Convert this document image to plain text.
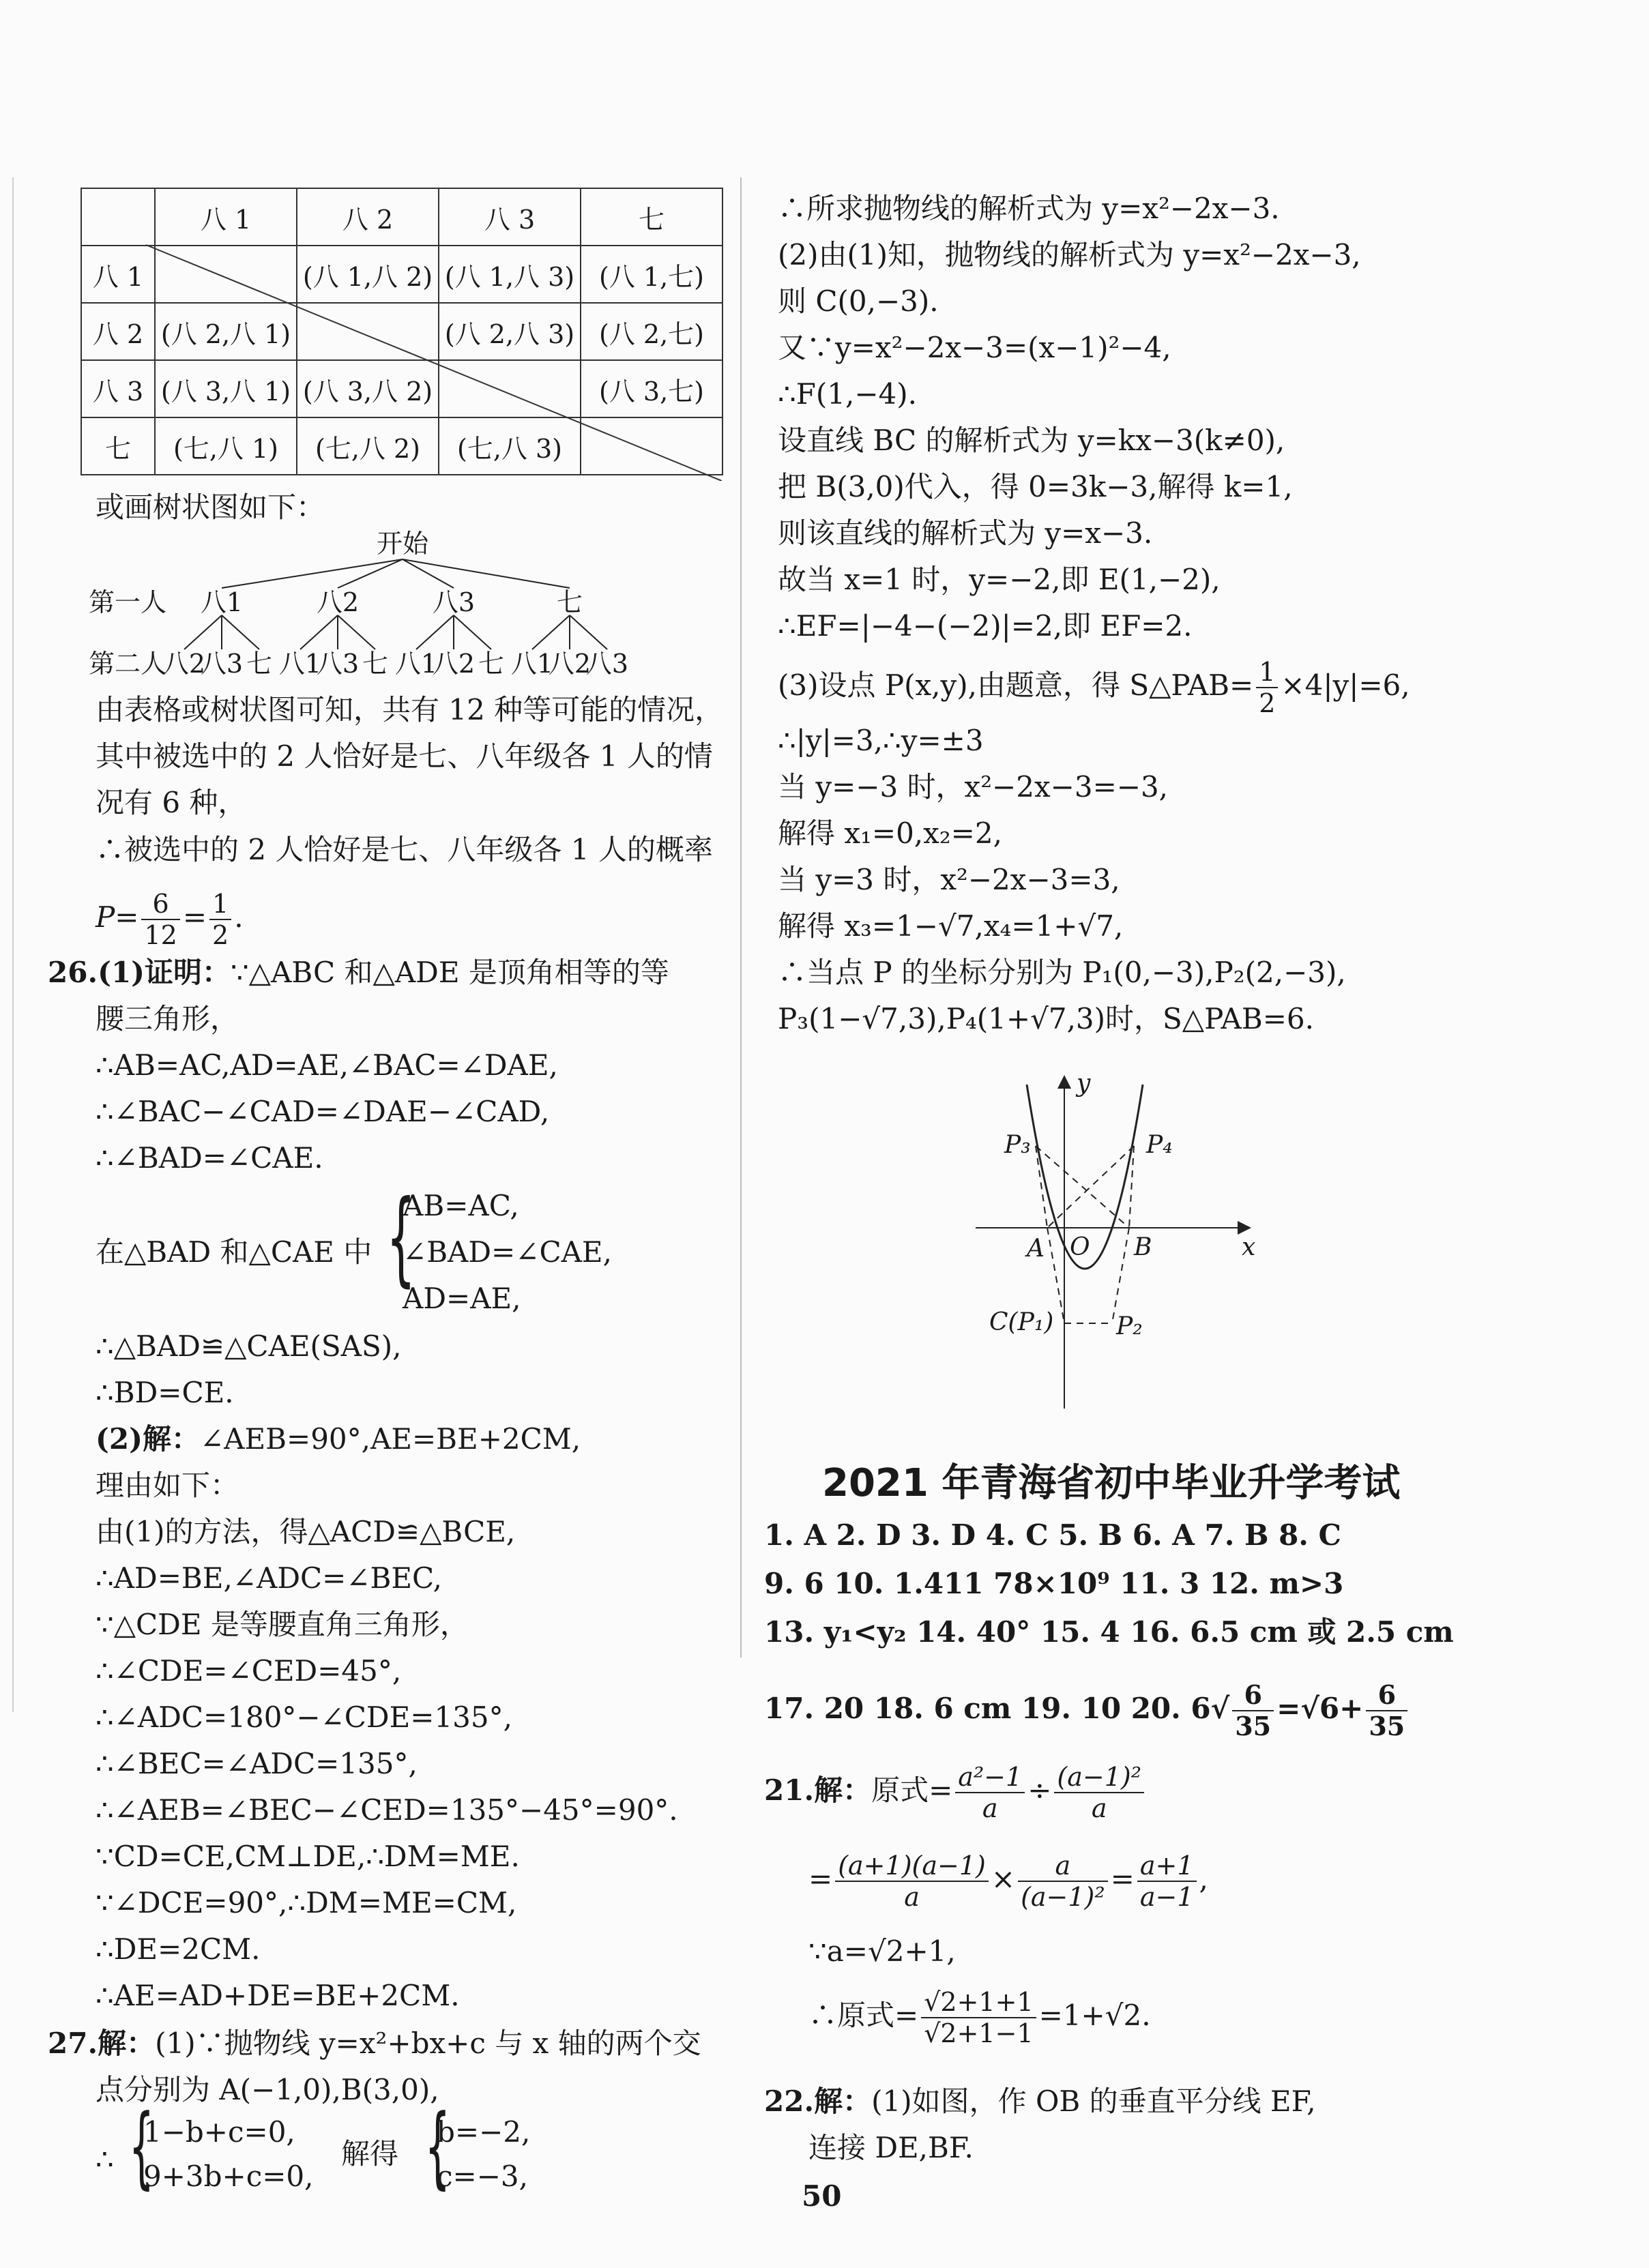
	八 1	八 2	八 3	七
八 1		(八 1,八 2)	(八 1,八 3)	(八 1,七)
八 2	(八 2,八 1)		(八 2,八 3)	(八 2,七)
八 3	(八 3,八 1)	(八 3,八 2)		(八 3,七)
七	(七,八 1)	(七,八 2)	(七,八 3)	
或画树状图如下：
开始
八1	八2	八3	七
八2
八3 七 八1
八3 七 八1
八2 七 八1
八2
八3
第一人
第二人
由表格或树状图可知，共有 12 种等可能的情况，
其中被选中的 2 人恰好是七、八年级各 1 人的情
况有 6 种，
∴被选中的 2 人恰好是七、八年级各 1 人的概率
$P= \frac{6}{12} = \frac{1}{2}$ .
26.(1)证明：∵△ABC 和△ADE 是顶角相等的等
腰三角形，
∴AB=AC,AD=AE,∠BAC=∠DAE,
∴∠BAC−∠CAD=∠DAE−∠CAD,
∴∠BAD=∠CAE.
在△BAD 和△CAE 中 {
AB=AC,
∠BAD=∠CAE,
AD=AE,
∴△BAD≌△CAE(SAS),
∴BD=CE.
(2)解：∠AEB=90°,AE=BE+2CM,
理由如下：
由(1)的方法，得△ACD≌△BCE,
∴AD=BE,∠ADC=∠BEC,
∵△CDE 是等腰直角三角形，
∴∠CDE=∠CED=45°,
∴∠ADC=180°−∠CDE=135°,
∴∠BEC=∠ADC=135°,
∴∠AEB=∠BEC−∠CED=135°−45°=90°.
∵CD=CE,CM⊥DE,∴DM=ME.
∵∠DCE=90°,∴DM=ME=CM,
∴DE=2CM.
∴AE=AD+DE=BE+2CM.
27.解：(1)∵抛物线 y=x²+bx+c 与 x 轴的两个交
点分别为 A(−1,0),B(3,0),
∴ {
1−b+c=0,
9+3b+c=0,
解得 {
b=−2,
c=−3,
∴所求抛物线的解析式为 y=x²−2x−3.
(2)由(1)知，抛物线的解析式为 y=x²−2x−3,
则 C(0,−3).
又∵y=x²−2x−3=(x−1)²−4,
∴F(1,−4).
设直线 BC 的解析式为 y=kx−3(k≠0),
把 B(3,0)代入，得 0=3k−3,解得 k=1,
则该直线的解析式为 y=x−3.
故当 x=1 时，y=−2,即 E(1,−2),
∴EF=|−4−(−2)|=2,即 EF=2.
(3)设点 P(x,y),由题意，得 S△PAB= $\frac{1}{2} \times 4|y|=6$,
∴|y|=3,∴y=±3
当 y=−3 时，x²−2x−3=−3,
解得 x₁=0,x₂=2,
当 y=3 时，x²−2x−3=3,
解得 x₃=1−√7,x₄=1+√7,
∴当点 P 的坐标分别为 P₁(0,−3),P₂(2,−3),
P₃(1−√7,3),P₄(1+√7,3)时，S△PAB=6.
y
x
O
A	B
P₃	P₄
C(P₁)	P₂
2021 年青海省初中毕业升学考试
1. A 2. D 3. D 4. C 5. B 6. A 7. B 8. C
9. 6 10. 1.411 78×10⁹ 11. 3 12. m>3
13. y₁<y₂ 14. 40° 15. 4 16. 6.5 cm 或 2.5 cm
17. 20 18. 6 cm 19. 10 20. $6√ \frac{6}{35} =√6+ \frac{6}{35}$
21.解：原式= $\frac{\text{a²−1}}{a} \div \frac{\text{(a−1)²}}{a}$
= $\frac{(a+1)(a-1)}{a} \times \frac{a}{\text{(a−1)²}} = \frac{a+1}{a-1}$ ,
∵a=√2+1,
∴原式= $\frac{√2+1+1}{√2+1-1} =1+√2$.
22.解：(1)如图，作 OB 的垂直平分线 EF,
连接 DE,BF.
50
